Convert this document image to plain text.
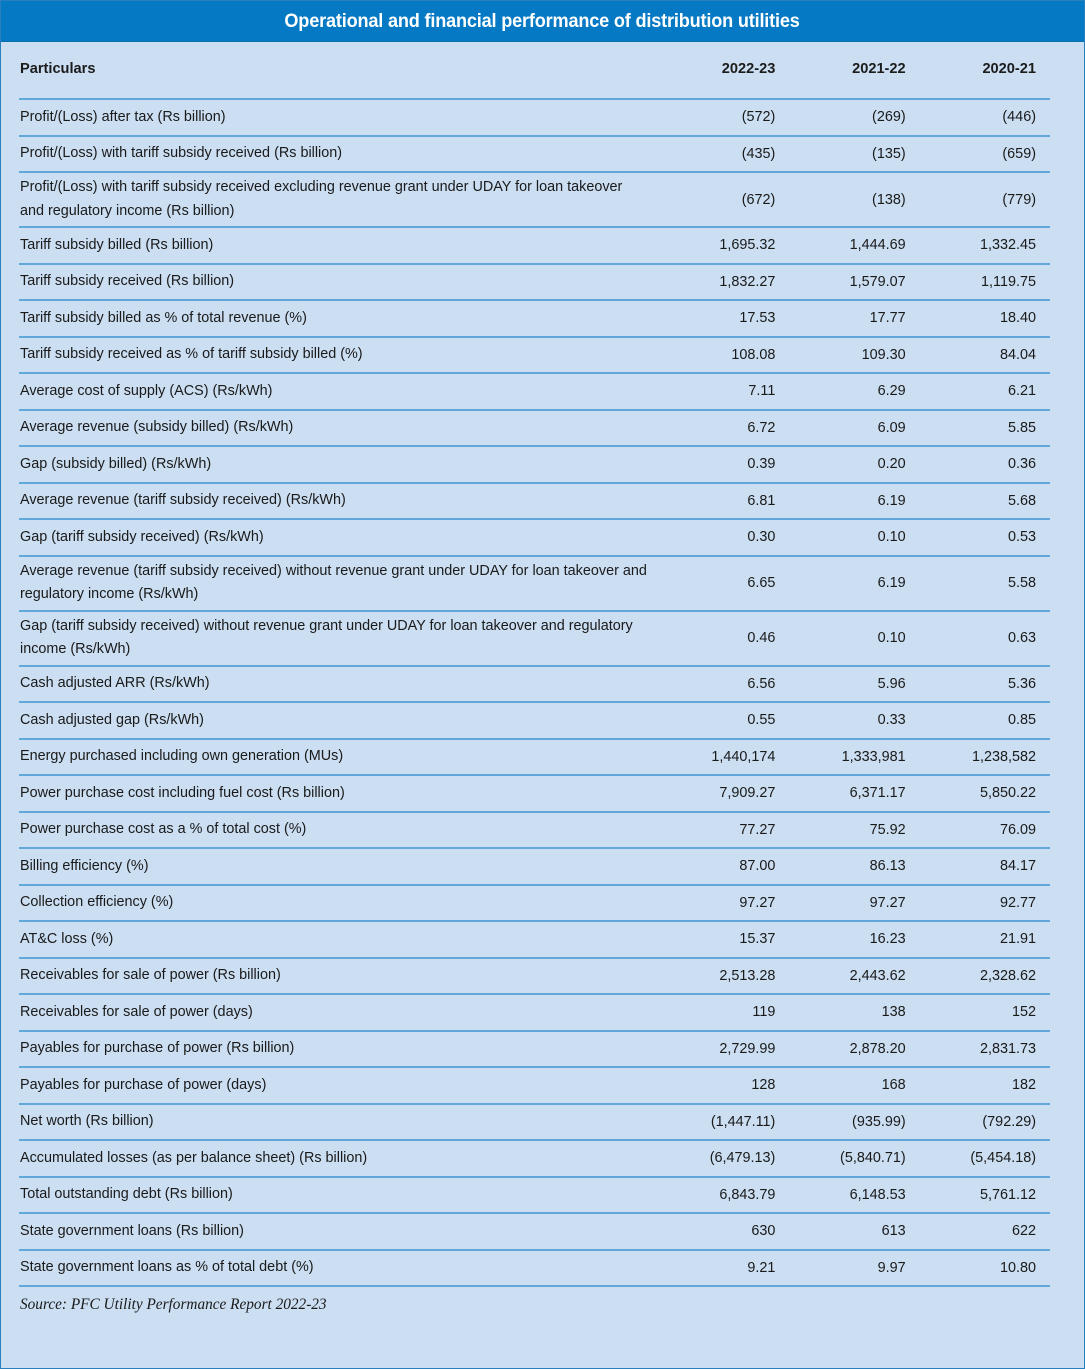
Operational and financial performance of distribution utilities
Particulars	2022-23	2021-22	2020-21
Profit/(Loss) after tax (Rs billion)	(572)	(269)	(446)
Profit/(Loss) with tariff subsidy received (Rs billion)	(435)	(135)	(659)
Profit/(Loss) with tariff subsidy received excluding revenue grant under UDAY for loan takeover and regulatory income (Rs billion)	(672)	(138)	(779)
Tariff subsidy billed (Rs billion)	1,695.32	1,444.69	1,332.45
Tariff subsidy received (Rs billion)	1,832.27	1,579.07	1,119.75
Tariff subsidy billed as % of total revenue (%)	17.53	17.77	18.40
Tariff subsidy received as % of tariff subsidy billed (%)	108.08	109.30	84.04
Average cost of supply (ACS) (Rs/kWh)	7.11	6.29	6.21
Average revenue (subsidy billed) (Rs/kWh)	6.72	6.09	5.85
Gap (subsidy billed) (Rs/kWh)	0.39	0.20	0.36
Average revenue (tariff subsidy received) (Rs/kWh)	6.81	6.19	5.68
Gap (tariff subsidy received) (Rs/kWh)	0.30	0.10	0.53
Average revenue (tariff subsidy received) without revenue grant under UDAY for loan takeover and regulatory income (Rs/kWh)	6.65	6.19	5.58
Gap (tariff subsidy received) without revenue grant under UDAY for loan takeover and regulatory income (Rs/kWh)	0.46	0.10	0.63
Cash adjusted ARR (Rs/kWh)	6.56	5.96	5.36
Cash adjusted gap (Rs/kWh)	0.55	0.33	0.85
Energy purchased including own generation (MUs)	1,440,174	1,333,981	1,238,582
Power purchase cost including fuel cost (Rs billion)	7,909.27	6,371.17	5,850.22
Power purchase cost as a % of total cost (%)	77.27	75.92	76.09
Billing efficiency (%)	87.00	86.13	84.17
Collection efficiency (%)	97.27	97.27	92.77
AT&C loss (%)	15.37	16.23	21.91
Receivables for sale of power (Rs billion)	2,513.28	2,443.62	2,328.62
Receivables for sale of power (days)	119	138	152
Payables for purchase of power (Rs billion)	2,729.99	2,878.20	2,831.73
Payables for purchase of power (days)	128	168	182
Net worth (Rs billion)	(1,447.11)	(935.99)	(792.29)
Accumulated losses (as per balance sheet) (Rs billion)	(6,479.13)	(5,840.71)	(5,454.18)
Total outstanding debt (Rs billion)	6,843.79	6,148.53	5,761.12
State government loans (Rs billion)	630	613	622
State government loans as % of total debt (%)	9.21	9.97	10.80
Source: PFC Utility Performance Report 2022-23
